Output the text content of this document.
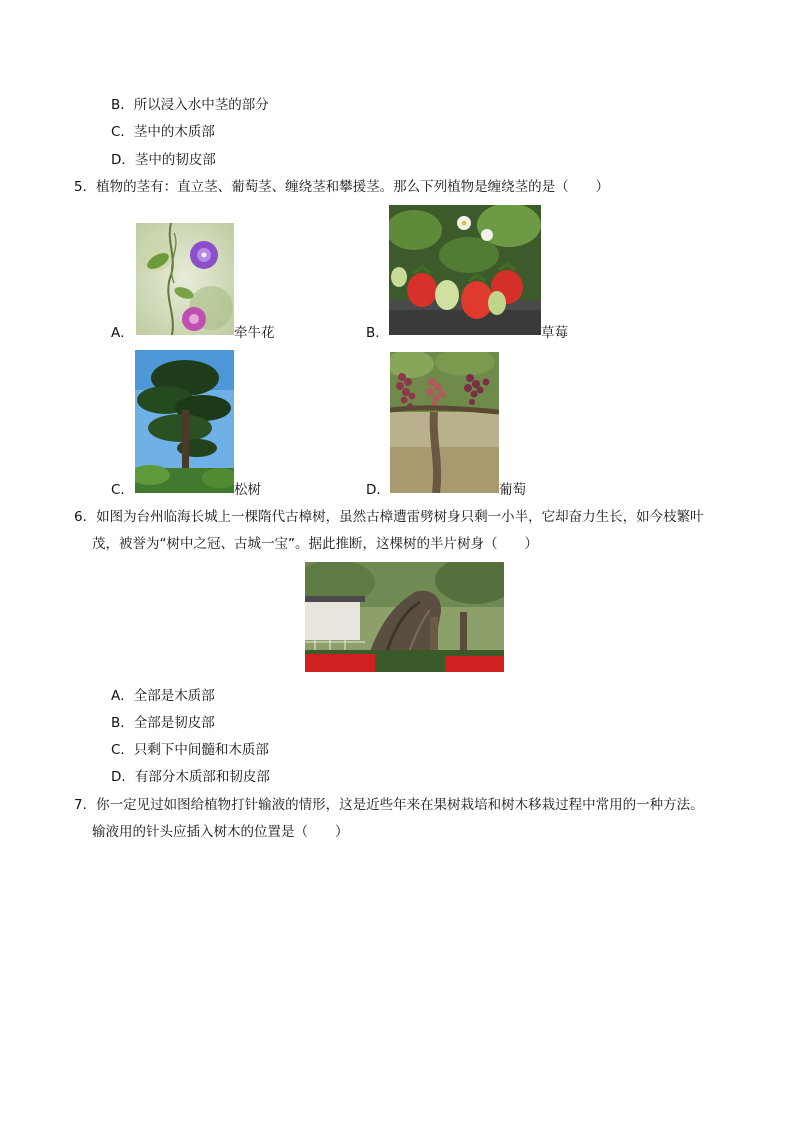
B．所以浸入水中茎的部分
C．茎中的木质部
D．茎中的韧皮部
5．植物的茎有：直立茎、葡萄茎、缠绕茎和攀援茎。那么下列植物是缠绕茎的是（　　）
A．	牵牛花	B．	草莓
C．	松树	D．	葡萄
6．如图为台州临海长城上一棵隋代古樟树，虽然古樟遭雷劈树身只剩一小半，它却奋力生长，如今枝繁叶
茂，被誉为“树中之冠、古城一宝”。据此推断，这棵树的半片树身（　　）
A．全部是木质部
B．全部是韧皮部
C．只剩下中间髓和木质部
D．有部分木质部和韧皮部
7．你一定见过如图给植物打针输液的情形，这是近些年来在果树栽培和树木移栽过程中常用的一种方法。
输液用的针头应插入树木的位置是（　　）
